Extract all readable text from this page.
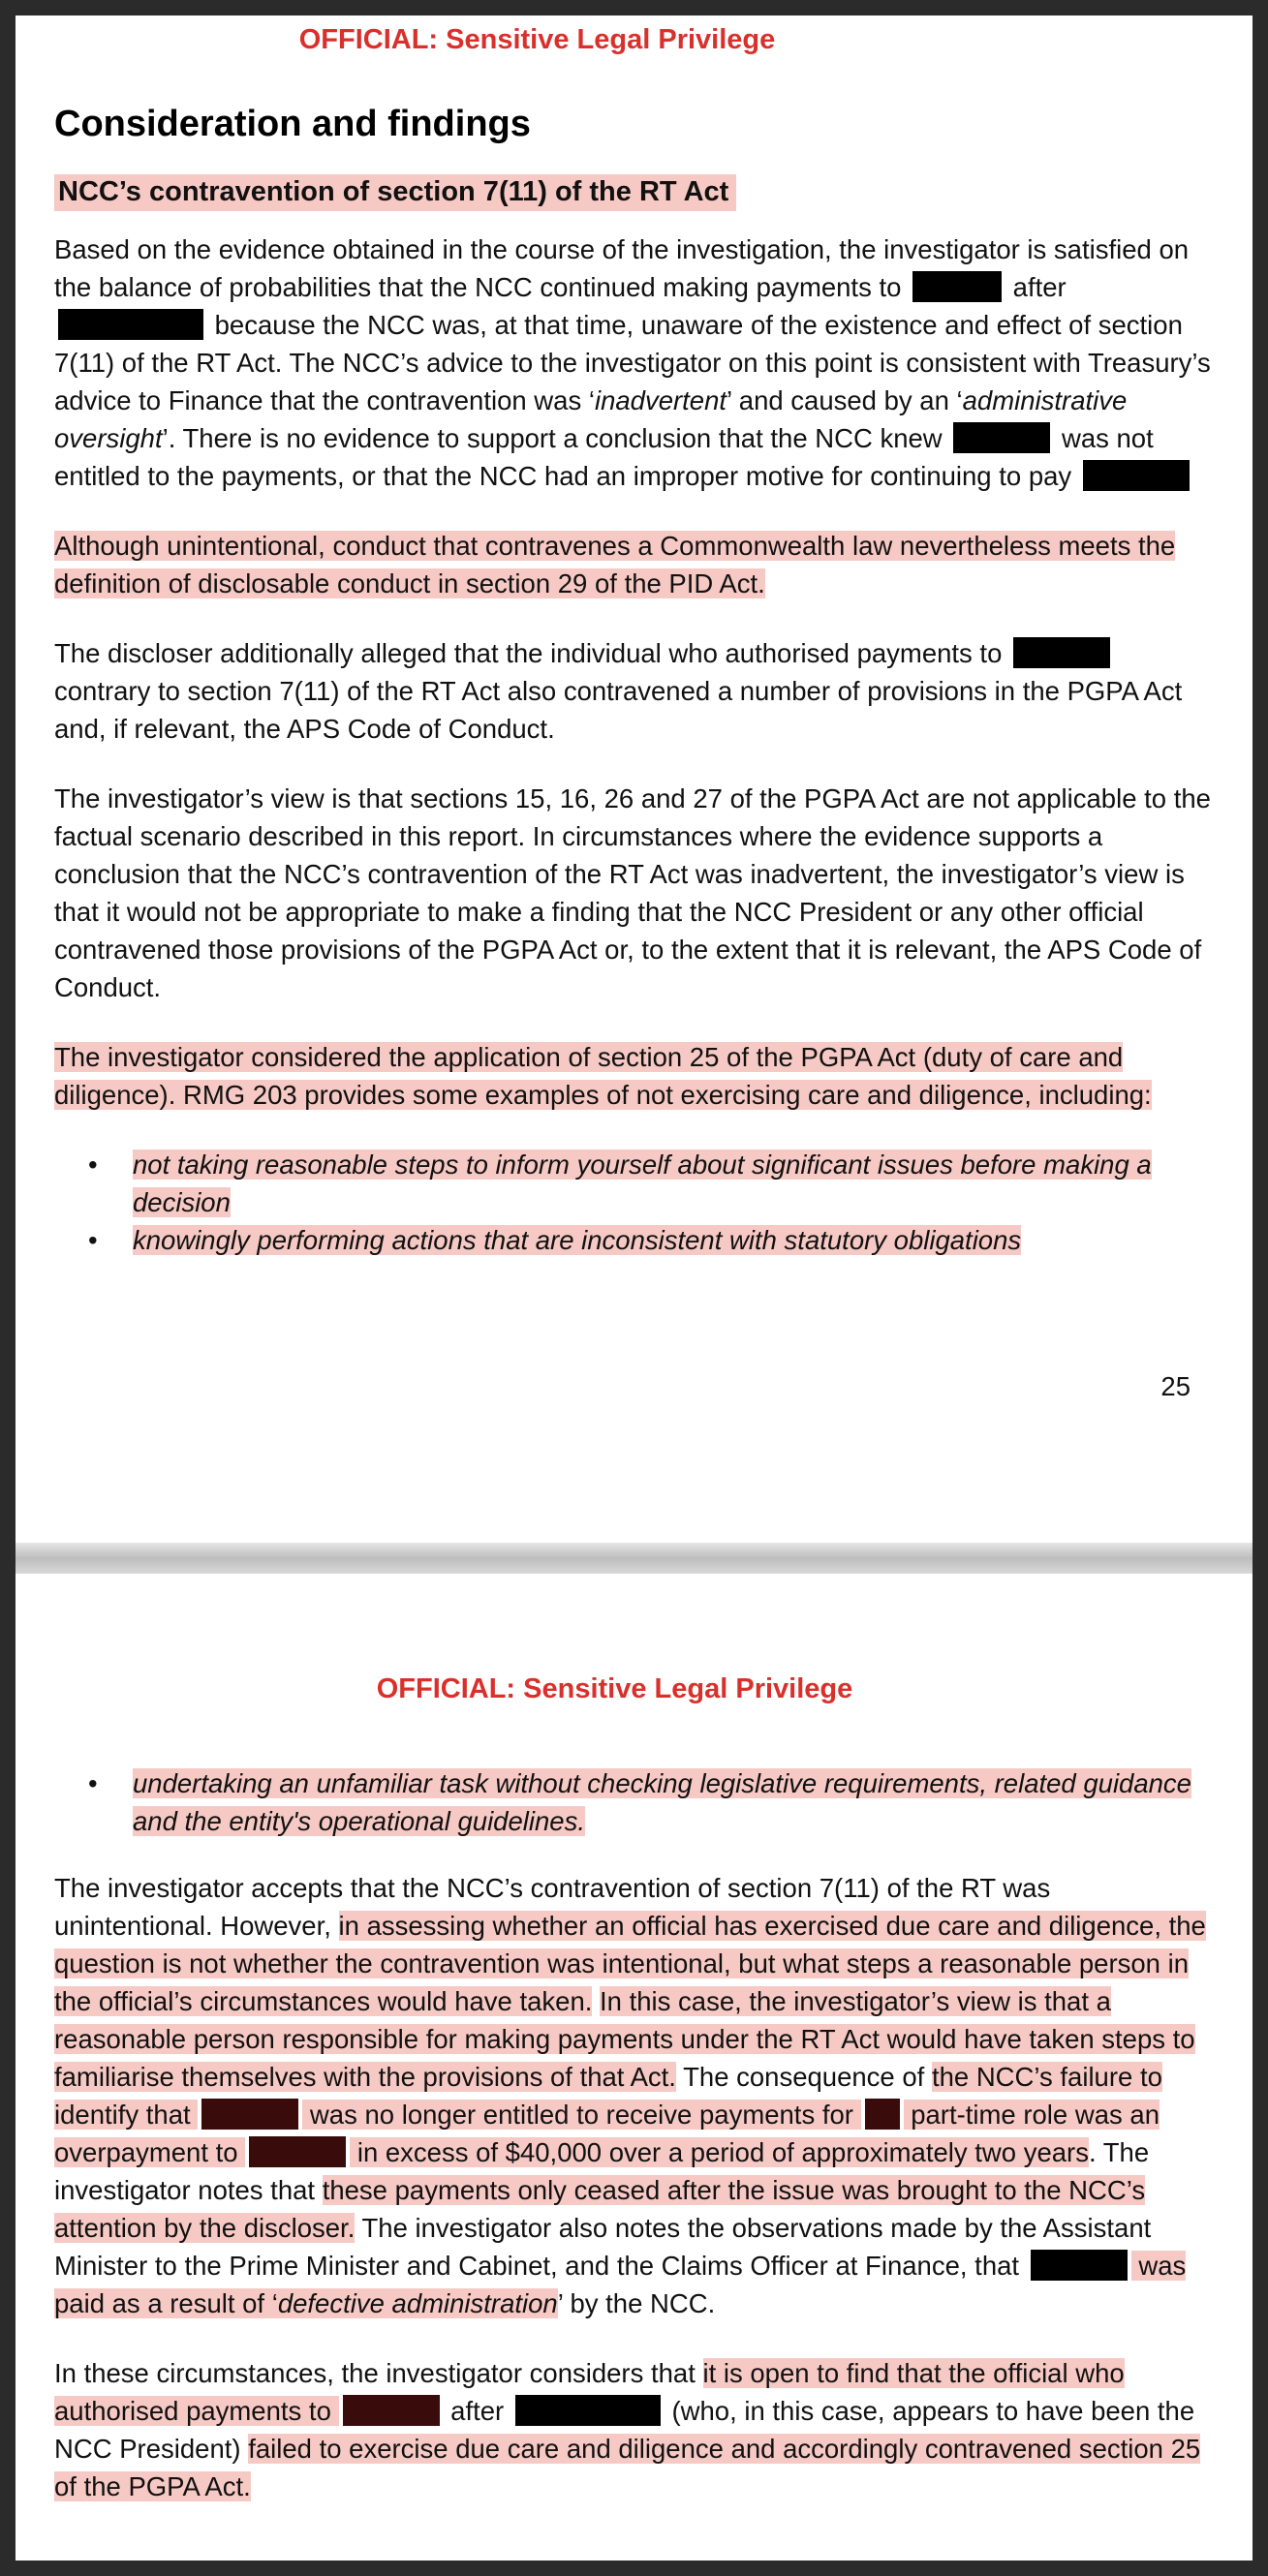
OFFICIAL: Sensitive Legal Privilege

Consideration and findings
NCC’s contravention of section 7(11) of the RT Act

Based on the evidence obtained in the course of the investigation, the investigator is satisfied on the balance of probabilities that the NCC continued making payments to	after  because the NCC was, at that time, unaware of the existence and effect of section 7(11) of the RT Act. The NCC’s advice to the investigator on this point is consistent with Treasury’s advice to Finance that the contravention was ‘inadvertent’ and caused by an ‘administrative oversight’. There is no evidence to support a conclusion that the NCC knew	was not entitled to the payments, or that the NCC had an improper motive for continuing to pay

Although unintentional, conduct that contravenes a Commonwealth law nevertheless meets the definition of disclosable conduct in section 29 of the PID Act.

The discloser additionally alleged that the individual who authorised payments to  contrary to section 7(11) of the RT Act also contravened a number of provisions in the PGPA Act and, if relevant, the APS Code of Conduct.

The investigator’s view is that sections 15, 16, 26 and 27 of the PGPA Act are not applicable to the factual scenario described in this report. In circumstances where the evidence supports a conclusion that the NCC’s contravention of the RT Act was inadvertent, the investigator’s view is that it would not be appropriate to make a finding that the NCC President or any other official contravened those provisions of the PGPA Act or, to the extent that it is relevant, the APS Code of Conduct.

The investigator considered the application of section 25 of the PGPA Act (duty of care and diligence). RMG 203 provides some examples of not exercising care and diligence, including:

• not taking reasonable steps to inform yourself about significant issues before making a decision
• knowingly performing actions that are inconsistent with statutory obligations
25

OFFICIAL: Sensitive Legal Privilege

• undertaking an unfamiliar task without checking legislative requirements, related guidance and the entity's operational guidelines.

The investigator accepts that the NCC’s contravention of section 7(11) of the RT was unintentional. However, in assessing whether an official has exercised due care and diligence, the question is not whether the contravention was intentional, but what steps a reasonable person in the official’s circumstances would have taken. In this case, the investigator’s view is that a reasonable person responsible for making payments under the RT Act would have taken steps to familiarise themselves with the provisions of that Act. The consequence of the NCC’s failure to identify that	was no longer entitled to receive payments for  part-time role was an overpayment to	in excess of $40,000 over a period of approximately two years. The investigator notes that these payments only ceased after the issue was brought to the NCC’s attention by the discloser. The investigator also notes the observations made by the Assistant Minister to the Prime Minister and Cabinet, and the Claims Officer at Finance, that	was paid as a result of ‘defective administration’ by the NCC.

In these circumstances, the investigator considers that it is open to find that the official who authorised payments to	after	(who, in this case, appears to have been the NCC President) failed to exercise due care and diligence and accordingly contravened section 25 of the PGPA Act.
